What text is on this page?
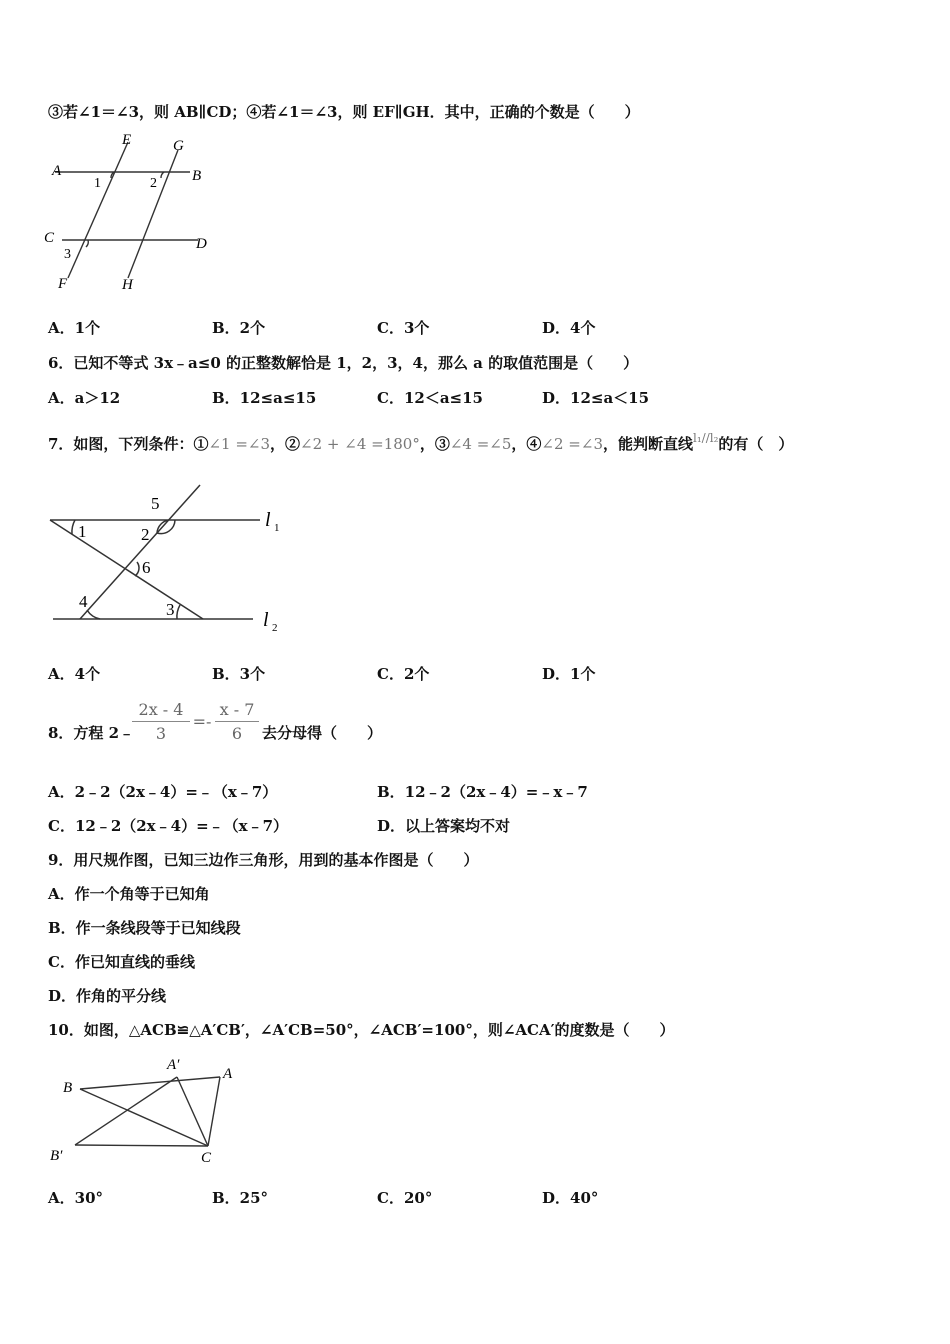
③若∠1＝∠3，则 AB∥CD；④若∠1＝∠3，则 EF∥GH．其中，正确的个数是（　　）
A	B
C	D
E
F
G
H
1	2
3
A．1个	B．2个	C．3个	D．4个
6．已知不等式 3x﹣a≤0 的正整数解恰是 1，2，3，4，那么 a 的取值范围是（　　）
A．a＞12	B．12≤a≤15	C．12＜a≤15	D．12≤a＜15
7．如图，下列条件：①∠1 =∠3，②∠2 + ∠4 =180°，③∠4 =∠5，④∠2 =∠3，能判断直线$^{l_1//l_2}$的有（　）
1	2
3
4
5
6
l 1
l 2
A．4个	B．3个	C．2个	D．1个
8．方程 2﹣
2x - 4
3
=-
x - 7
6	去分母得（　　）
A．2﹣2（2x﹣4）=﹣（x﹣7）	B．12﹣2（2x﹣4）=﹣x﹣7
C．12﹣2（2x﹣4）=﹣（x﹣7）	D．以上答案均不对
9．用尺规作图，已知三边作三角形，用到的基本作图是（　　）
A．作一个角等于已知角
B．作一条线段等于已知线段
C．作已知直线的垂线
D．作角的平分线
10．如图，△ACB≌△A′CB′，∠A′CB=50°，∠ACB′=100°，则∠ACA′的度数是（　　）
B
A′
A
B′	C
A．30°	B．25°	C．20°	D．40°
